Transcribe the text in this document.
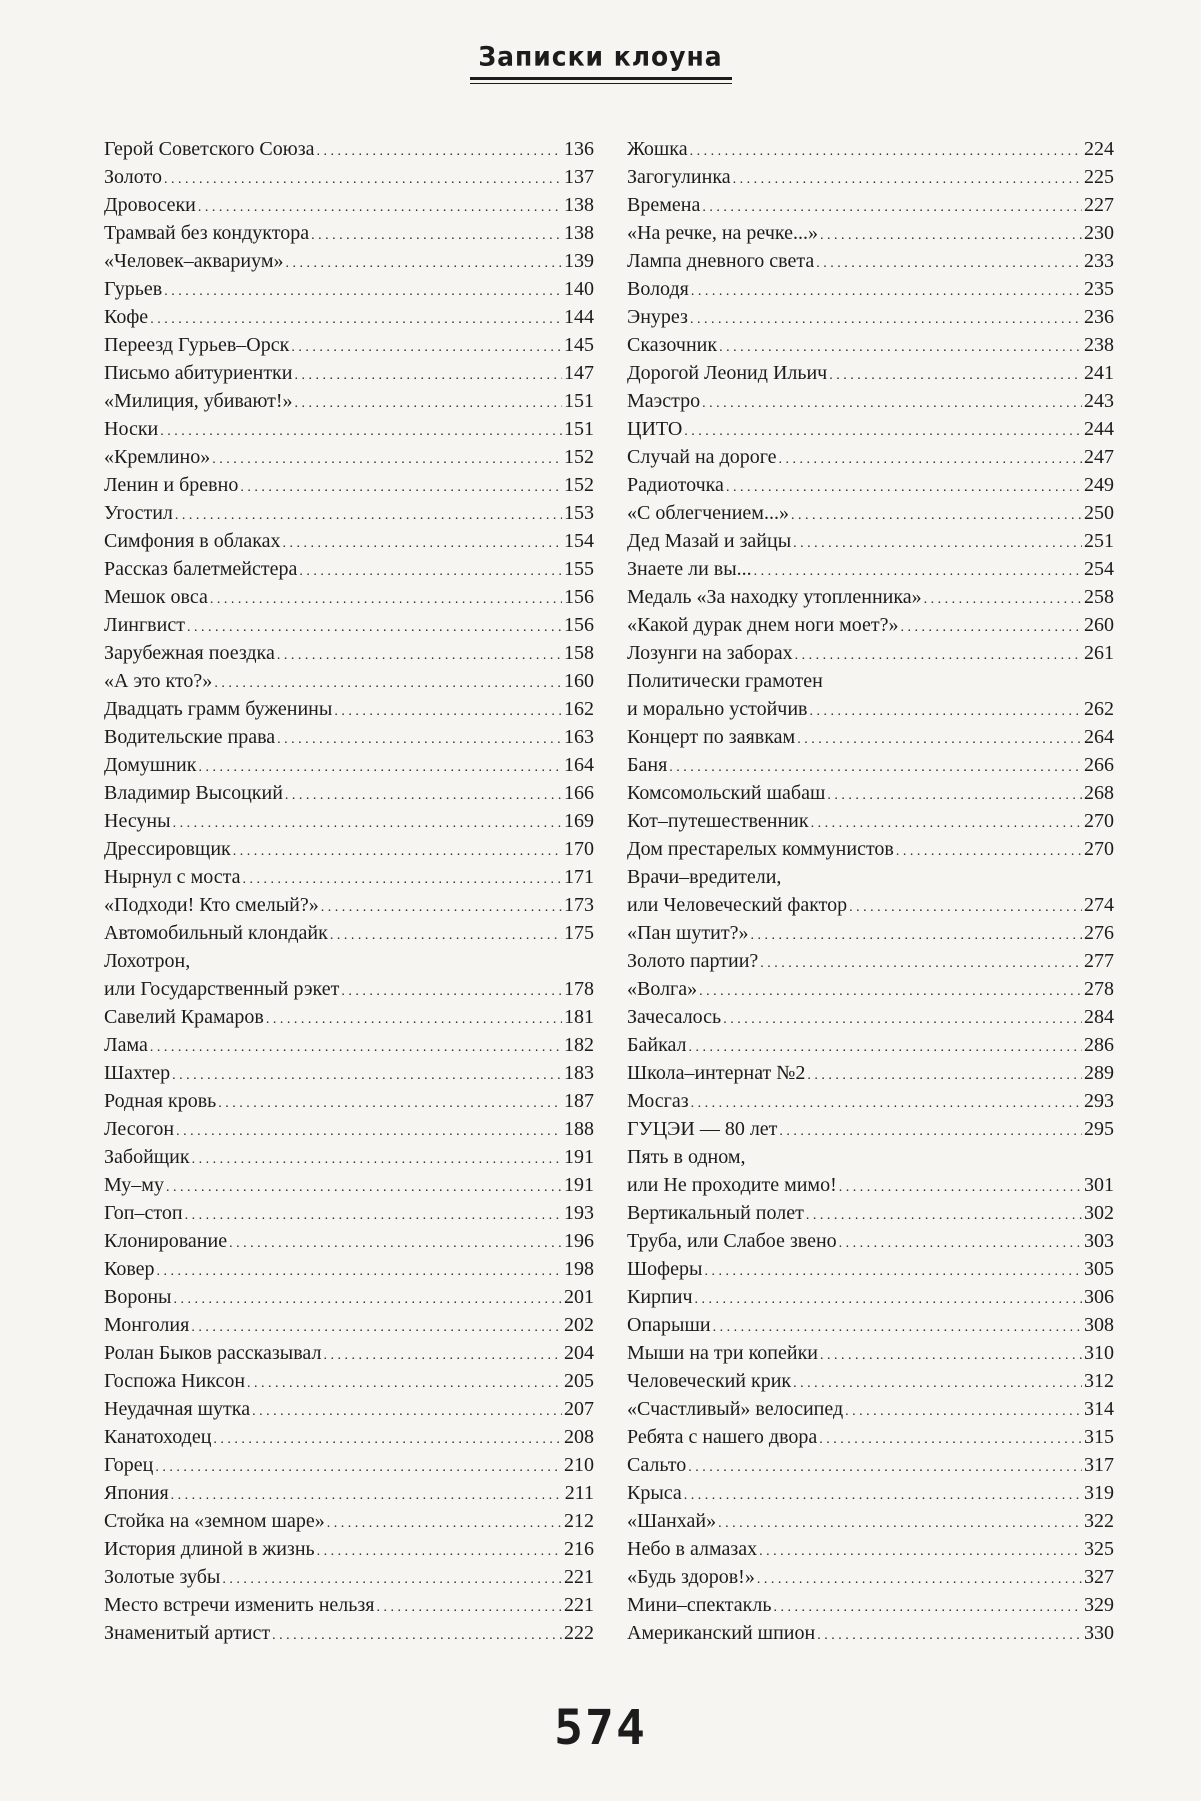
Записки клоуна
Герой Советского Союза . . .	136
Золото . . .	137
Дровосеки . . .	138
Трамвай без кондуктора . . .	138
«Человек–аквариум» . . .	139
Гурьев . . .	140
Кофе . . .	144
Переезд Гурьев–Орск . . .	145
Письмо абитуриентки . . .	147
«Милиция, убивают!» . . .	151
Носки . . .	151
«Кремлино» . . .	152
Ленин и бревно . . .	152
Угостил . . .	153
Симфония в облаках . . .	154
Рассказ балетмейстера . . .	155
Мешок овса . . .	156
Лингвист . . .	156
Зарубежная поездка . . .	158
«А это кто?» . . .	160
Двадцать грамм буженины . . .	162
Водительские права . . .	163
Домушник . . .	164
Владимир Высоцкий . . .	166
Несуны . . .	169
Дрессировщик . . .	170
Нырнул с моста . . .	171
«Подходи! Кто смелый?» . . .	173
Автомобильный клондайк . . .	175
Лохотрон,
или Государственный рэкет . . .	178
Савелий Крамаров . . .	181
Лама . . .	182
Шахтер . . .	183
Родная кровь . . .	187
Лесогон . . .	188
Забойщик . . .	191
Му–му . . .	191
Гоп–стоп . . .	193
Клонирование . . .	196
Ковер . . .	198
Вороны . . .	201
Монголия . . .	202
Ролан Быков рассказывал . . .	204
Госпожа Никсон . . .	205
Неудачная шутка . . .	207
Канатоходец . . .	208
Горец . . .	210
Япония . . .	211
Стойка на «земном шаре» . . .	212
История длиной в жизнь . . .	216
Золотые зубы . . .	221
Место встречи изменить нельзя . . .	221
Знаменитый артист . . .	222
Жошка . . .	224
Загогулинка . . .	225
Времена . . .	227
«На речке, на речке...» . . .	230
Лампа дневного света . . .	233
Володя . . .	235
Энурез . . .	236
Сказочник . . .	238
Дорогой Леонид Ильич . . .	241
Маэстро . . .	243
ЦИТО . . .	244
Случай на дороге . . .	247
Радиоточка . . .	249
«С облегчением...» . . .	250
Дед Мазай и зайцы . . .	251
Знаете ли вы... . . .	254
Медаль «За находку утопленника» . . .	258
«Какой дурак днем ноги моет?» . . .	260
Лозунги на заборах . . .	261
Политически грамотен
и морально устойчив . . .	262
Концерт по заявкам . . .	264
Баня . . .	266
Комсомольский шабаш . . .	268
Кот–путешественник . . .	270
Дом престарелых коммунистов . . .	270
Врачи–вредители,
или Человеческий фактор . . .	274
«Пан шутит?» . . .	276
Золото партии? . . .	277
«Волга» . . .	278
Зачесалось . . .	284
Байкал . . .	286
Школа–интернат №2 . . .	289
Мосгаз . . .	293
ГУЦЭИ — 80 лет . . .	295
Пять в одном,
или Не проходите мимо! . . .	301
Вертикальный полет . . .	302
Труба, или Слабое звено . . .	303
Шоферы . . .	305
Кирпич . . .	306
Опарыши . . .	308
Мыши на три копейки . . .	310
Человеческий крик . . .	312
«Счастливый» велосипед . . .	314
Ребята с нашего двора . . .	315
Сальто . . .	317
Крыса . . .	319
«Шанхай» . . .	322
Небо в алмазах . . .	325
«Будь здоров!» . . .	327
Мини–спектакль . . .	329
Американский шпион . . .	330
574
